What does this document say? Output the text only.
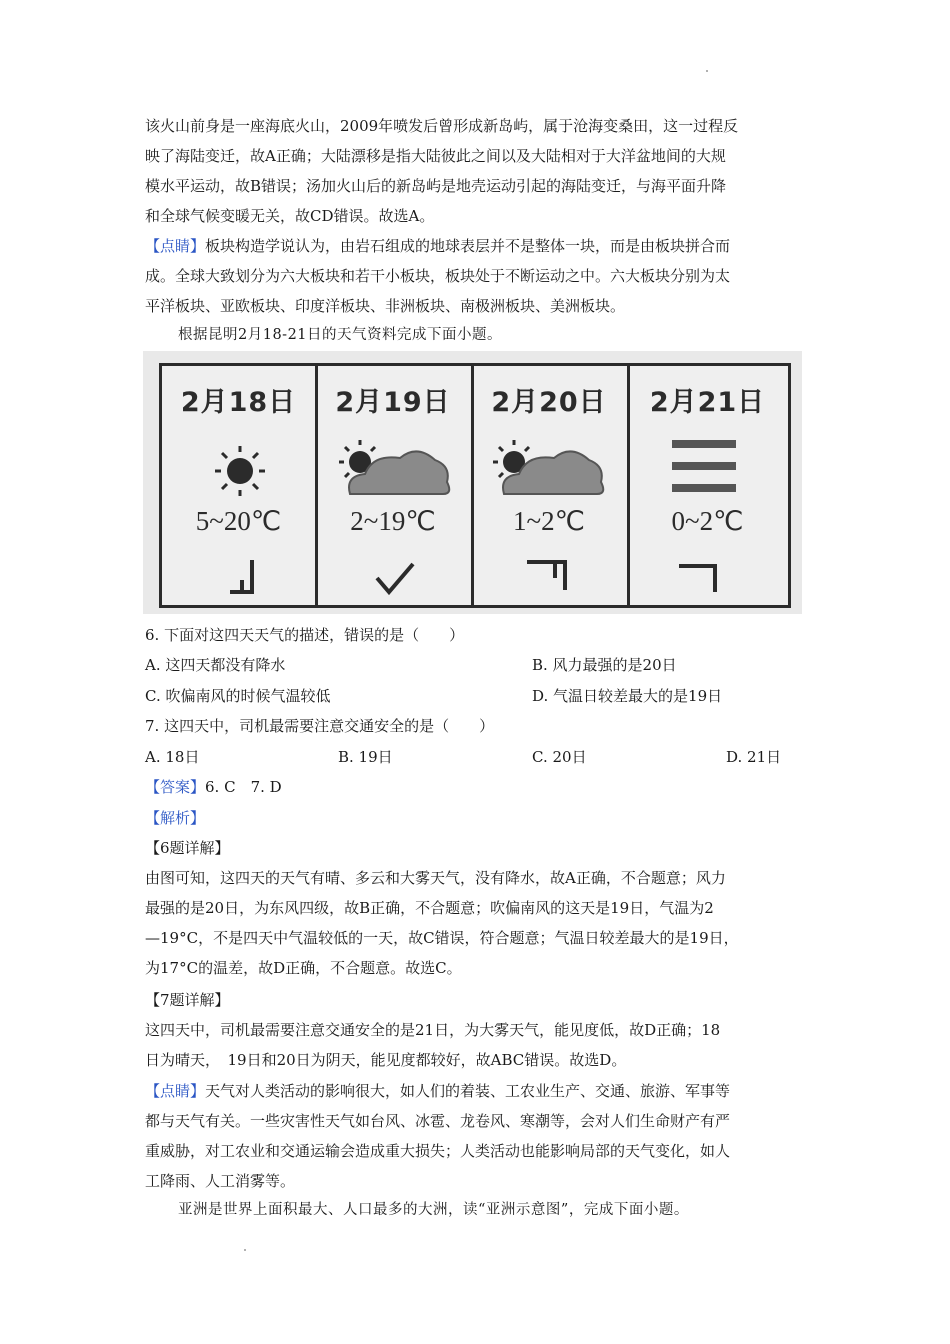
该火山前身是一座海底火山，2009年喷发后曾形成新岛屿，属于沧海变桑田，这一过程反
映了海陆变迁，故A正确；大陆漂移是指大陆彼此之间以及大陆相对于大洋盆地间的大规
模水平运动，故B错误；汤加火山后的新岛屿是地壳运动引起的海陆变迁，与海平面升降
和全球气候变暖无关，故CD错误。故选A。
【点睛】板块构造学说认为，由岩石组成的地球表层并不是整体一块，而是由板块拼合而
成。全球大致划分为六大板块和若干小板块，板块处于不断运动之中。六大板块分别为太
平洋板块、亚欧板块、印度洋板块、非洲板块、南极洲板块、美洲板块。
根据昆明2月18-21日的天气资料完成下面小题。
2月18日
5~20℃
2月19日
2~19℃
2月20日
1~2℃
2月21日
0~2℃
6. 下面对这四天天气的描述，错误的是（　　）
A. 这四天都没有降水	B. 风力最强的是20日
C. 吹偏南风的时候气温较低	D. 气温日较差最大的是19日
7. 这四天中，司机最需要注意交通安全的是（　　）
A. 18日	B. 19日	C. 20日	D. 21日
【答案】6. C　7. D
【解析】
【6题详解】
由图可知，这四天的天气有晴、多云和大雾天气，没有降水，故A正确，不合题意；风力
最强的是20日，为东风四级，故B正确，不合题意；吹偏南风的这天是19日，气温为2
—19°C，不是四天中气温较低的一天，故C错误，符合题意；气温日较差最大的是19日，
为17°C的温差，故D正确，不合题意。故选C。
【7题详解】
这四天中，司机最需要注意交通安全的是21日，为大雾天气，能见度低，故D正确；18
日为晴天，　19日和20日为阴天，能见度都较好，故ABC错误。故选D。
【点睛】天气对人类活动的影响很大，如人们的着装、工农业生产、交通、旅游、军事等
都与天气有关。一些灾害性天气如台风、冰雹、龙卷风、寒潮等，会对人们生命财产有严
重威胁，对工农业和交通运输会造成重大损失；人类活动也能影响局部的天气变化，如人
工降雨、人工消雾等。
亚洲是世界上面积最大、人口最多的大洲，读“亚洲示意图”，完成下面小题。
